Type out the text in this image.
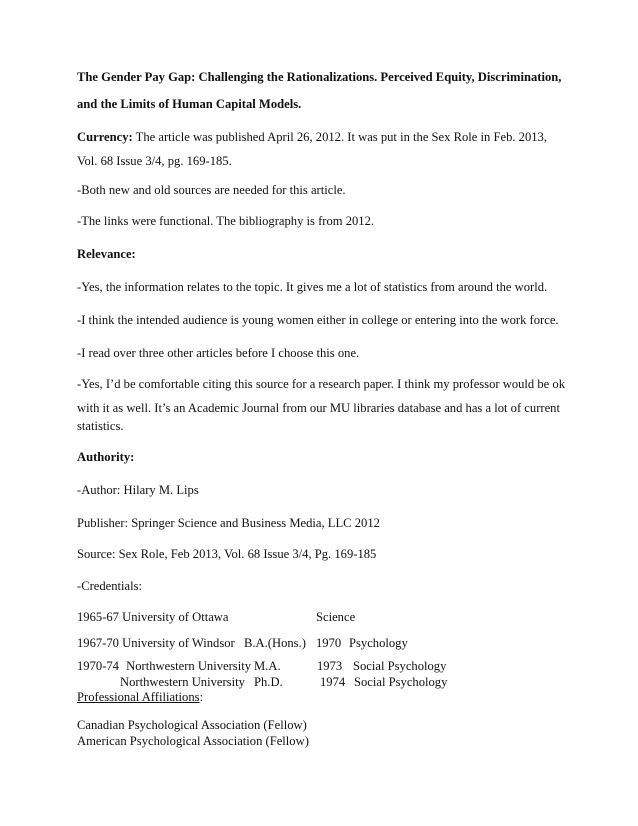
The Gender Pay Gap: Challenging the Rationalizations. Perceived Equity, Discrimination,
and the Limits of Human Capital Models.
Currency: The article was published April 26, 2012. It was put in the Sex Role in Feb. 2013,
Vol. 68 Issue 3/4, pg. 169-185.
-Both new and old sources are needed for this article.
-The links were functional. The bibliography is from 2012.
Relevance:
-Yes, the information relates to the topic. It gives me a lot of statistics from around the world.
-I think the intended audience is young women either in college or entering into the work force.
-I read over three other articles before I choose this one.
-Yes, I’d be comfortable citing this source for a research paper. I think my professor would be ok
with it as well. It’s an Academic Journal from our MU libraries database and has a lot of current
statistics.
Authority:
-Author: Hilary M. Lips
Publisher: Springer Science and Business Media, LLC 2012
Source: Sex Role, Feb 2013, Vol. 68 Issue 3/4, Pg. 169-185
-Credentials:
1965-67 University of Ottawa	Science
1967-70 University of Windsor B.A.(Hons.) 1970 Psychology
1970-74 Northwestern University M.A.	1973 Social Psychology
Northwestern University Ph.D.	1974 Social Psychology
Professional Affiliations:
Canadian Psychological Association (Fellow)
American Psychological Association (Fellow)
